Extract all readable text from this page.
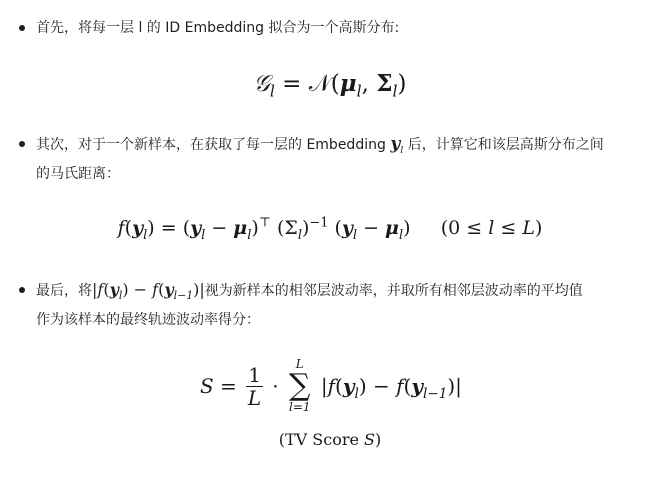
首先，将每一层 l 的 ID Embedding 拟合为一个高斯分布:
𝒢$_l$ = $𝒩(\mu_l$, $\Sigma_l$)
其次，对于一个新样本，在获取了每一层的 Embedding $y_l$ 后，计算它和该层高斯分布之间
的马氏距离：
$f(y_l) = (y_l - \mu_l)^⊤$ $(\Sigma_l)^{-1}$ $(y_l - \mu_l)$     (0 ≤ l ≤ L)
最后，将$|f(y_l) - f(y_{l-1})|$视为新样本的相邻层波动率，并取所有相邻层波动率的平均值
作为该样本的最终轨迹波动率得分：
$S = \frac{1}{L}$ ·
L
∑
l=1
$|f(y_l) - f(y_{l-1})|$
(TV Score S)
